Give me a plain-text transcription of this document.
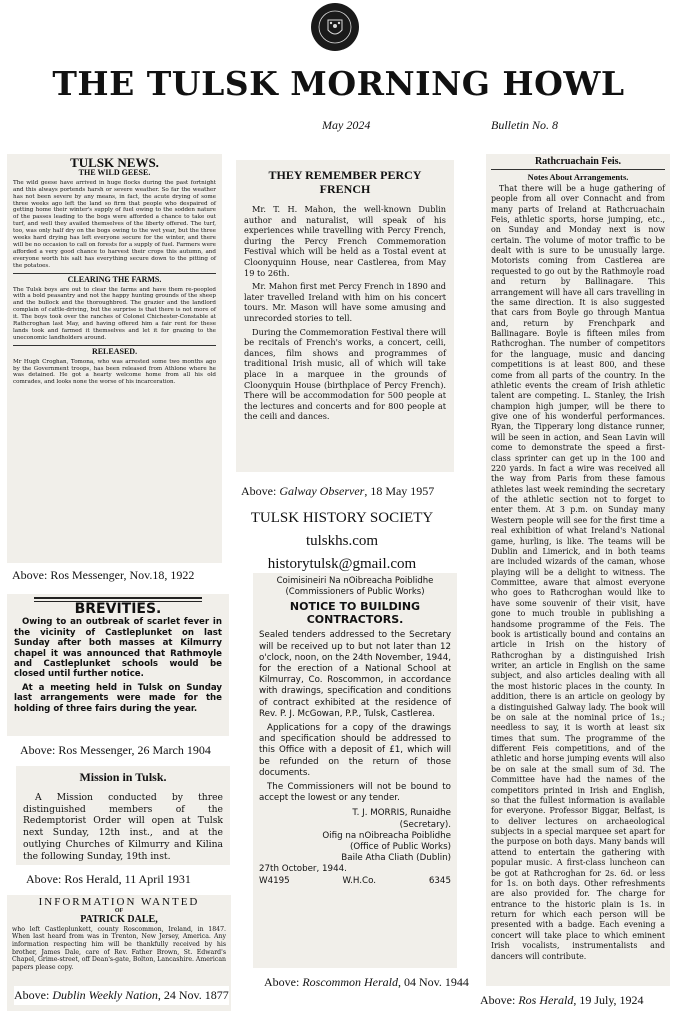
THE TULSK MORNING HOWL
May 2024	Bulletin No. 8
TULSK NEWS.
THE WILD GEESE.

The wild geese have arrived in huge flocks during the past fortnight and this always portends harsh or severe weather. So far the weather has not been severe by any means, in fact, the acute drying of some three weeks ago left the land so firm that people who despaired of getting home their winter's supply of fuel owing to the sodden nature of the passes leading to the bogs were afforded a chance to take out turf, and well they availed themselves of the liberty offered. The turf, too, was only half dry on the bogs owing to the wet year, but the three weeks hard drying has left everyone secure for the winter, and there will be no occasion to call on forests for a supply of fuel. Farmers were afforded a very good chance to harvest their crops this autumn, and everyone worth his salt has everything secure down to the pitting of the potatoes.

CLEARING THE FARMS.

The Tulsk boys are out to clear the farms and have them re-peopled with a bold peasantry and not the happy hunting grounds of the sheep and the bullock and the thoroughbred. The grazier and the landlord complain of cattle-driving, but the surprise is that there is not more of it. The boys took over the ranches of Colonel Chichester-Constable at Rathcroghan last May, and having offered him a fair rent for these lands took and farmed it themselves and let it for grazing to the uneconomic landholders around.

RELEASED.

Mr Hugh Croghan, Tomona, who was arrested some two months ago by the Government troops, has been released from Athlone where he was detained. He got a hearty welcome home from all his old comrades, and looks none the worse of his incarceration.

Above: Ros Messenger, Nov.18, 1922
THEY REMEMBER PERCY FRENCH

Mr. T. H. Mahon, the well-known Dublin author and naturalist, will speak of his experiences while travelling with Percy French, during the Percy French Commemoration Festival which will be held as a Tostal event at Cloonyquinn House, near Castlerea, from May 19 to 26th.

Mr. Mahon first met Percy French in 1890 and later travelled Ireland with him on his concert tours. Mr. Mason will have some amusing and unrecorded stories to tell.

During the Commemoration Festival there will be recitals of French's works, a concert, ceili, dances, film shows and programmes of traditional Irish music, all of which will take place in a marquee in the grounds of Cloonyquin House (birthplace of Percy French). There will be accommodation for 500 people at the lectures and concerts and for 800 people at the ceili and dances.

Above: Galway Observer, 18 May 1957
TULSK HISTORY SOCIETY
tulskhs.com
historytulsk@gmail.com
Rathcruachain Feis.
Notes About Arrangements.

That there will be a huge gathering of people from all over Connacht and from many parts of Ireland at Rathcruachain Feis, athletic sports, horse jumping, etc., on Sunday and Monday next is now certain. The volume of motor traffic to be dealt with is sure to be unusually large. Motorists coming from Castlerea are requested to go out by the Rathmoyle road and return by Ballinagare. This arrangement will have all cars travelling in the same direction. It is also suggested that cars from Boyle go through Mantua and, return by Frenchpark and Ballinagare. Boyle is fifteen miles from Rathcroghan. The number of competitors for the language, music and dancing competitions is at least 800, and these come from all parts of the country. In the athletic events the cream of Irish athletic talent are competing. L. Stanley, the Irish champion high jumper, will be there to give one of his wonderful performances. Ryan, the Tipperary long distance runner, will be seen in action, and Sean Lavin will come to demonstrate the speed a first-class sprinter can get up in the 100 and 220 yards. In fact a wire was received all the way from Paris from these famous athletes last week reminding the secretary of the athletic section not to forget to enter them. At 3 p.m. on Sunday many Western people will see for the first time a real exhibition of what Ireland's National game, hurling, is like. The teams will be Dublin and Limerick, and in both teams are included wizards of the caman, whose playing will be a delight to witness. The Committee, aware that almost everyone who goes to Rathcroghan would like to have some souvenir of their visit, have gone to much trouble in publishing a handsome programme of the Feis. The book is artistically bound and contains an article in Irish on the history of Rathcroghan by a distinguished Irish writer, an article in English on the same subject, and also articles dealing with all the most historic places in the county. In addition, there is an article on geology by a distinguished Galway lady. The book will be on sale at the nominal price of 1s.; needless to say, it is worth at least six times that sum. The programme of the different Feis competitions, and of the athletic and horse jumping events will also be on sale at the small sum of 3d. The Committee have had the names of the competitors printed in Irish and English, so that the fullest information is available for everyone. Professor Biggar, Belfast, is to deliver lectures on archaeological subjects in a special marquee set apart for the purpose on both days. Many bands will attend to entertain the gathering with popular music. A first-class luncheon can be got at Rathcroghan for 2s. 6d. or less for 1s. on both days. Other refreshments are also provided for. The charge for entrance to the historic plain is 1s. in return for which each person will be presented with a badge. Each evening a concert will take place to which eminent Irish vocalists, instrumentalists and dancers will contribute.

Above: Ros Herald, 19 July, 1924
BREVITIES.

Owing to an outbreak of scarlet fever in the vicinity of Castleplunket on last Sunday after both masses at Kilmurry chapel it was announced that Rathmoyle and Castleplunket schools would be closed until further notice.

At a meeting held in Tulsk on Sunday last arrangements were made for the holding of three fairs during the year.

Above: Ros Messenger, 26 March 1904
Mission in Tulsk.

A Mission conducted by three distinguished members of the Redemptorist Order will open at Tulsk next Sunday, 12th inst., and at the outlying Churches of Kilmurry and Kilina the following Sunday, 19th inst.

Above: Ros Herald, 11 April 1931
INFORMATION WANTED
OF
PATRICK DALE,

who left Castleplunkett, county Roscommon, Ireland, in 1847. When last heard from was in Trenton, New Jersey, America. Any information respecting him will be thankfully received by his brother, James Dale, care of Rev. Father Brown, St. Edward's Chapel, Grime-street, off Dean's-gate, Bolton, Lancashire. American papers please copy.

Above: Dublin Weekly Nation, 24 Nov. 1877
Coimisineiri Na nOibreacha Poiblidhe
(Commissioners of Public Works)
NOTICE TO BUILDING CONTRACTORS.

Sealed tenders addressed to the Secretary will be received up to but not later than 12 o'clock, noon, on the 24th November, 1944, for the erection of a National School at Kilmurray, Co. Roscommon, in accordance with drawings, specification and conditions of contract exhibited at the residence of Rev. P. J. McGowan, P.P., Tulsk, Castlerea.

Applications for a copy of the drawings and specification should be addressed to this Office with a deposit of £1, which will be refunded on the return of those documents.

The Commissioners will not be bound to accept the lowest or any tender.

T. J. MORRIS, Runaidhe
(Secretary).
Oifig na nOibreacha Poiblidhe
(Office of Public Works)
Baile Atha Cliath (Dublin)
27th October, 1944.
W4195	W.H.Co.	6345
Above: Roscommon Herald, 04 Nov. 1944
